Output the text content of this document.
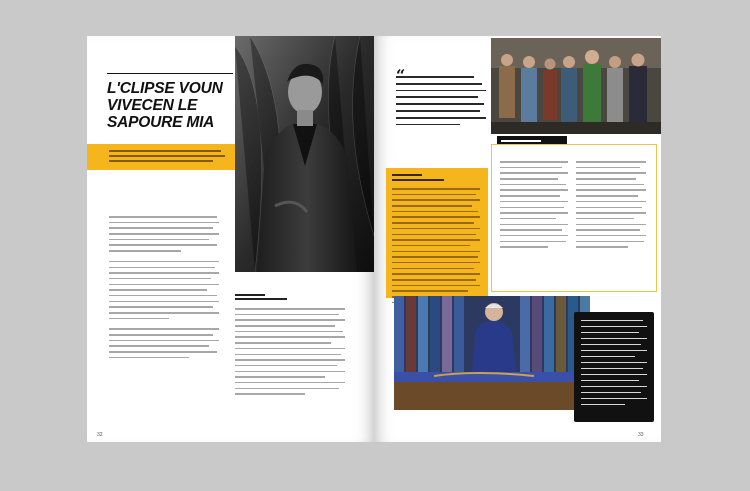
L'CLIPSE VOUN
VIVECEN LE
SAPOURE MIA
32	33
